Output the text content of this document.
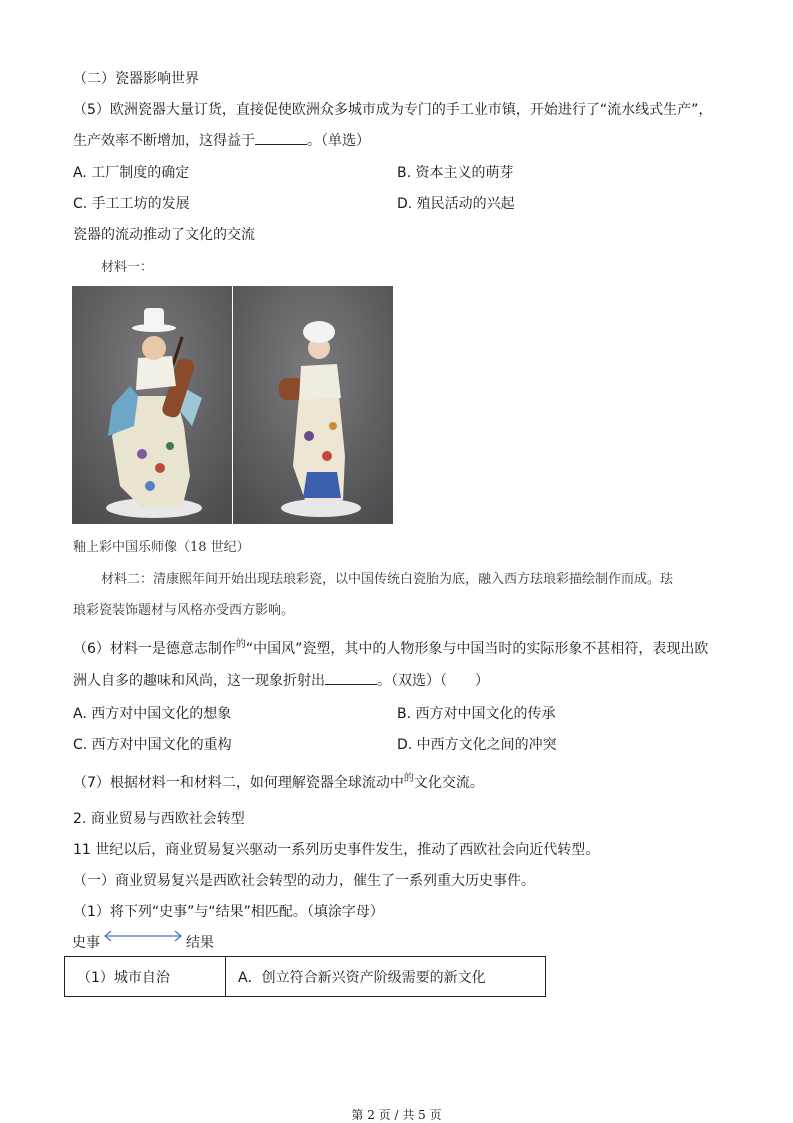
（二）瓷器影响世界
（5）欧洲瓷器大量订货，直接促使欧洲众多城市成为专门的手工业市镇，开始进行了“流水线式生产”，
生产效率不断增加，这得益于	。（单选）
A. 工厂制度的确定	B. 资本主义的萌芽
C. 手工工坊的发展	D. 殖民活动的兴起
瓷器的流动推动了文化的交流
材料一：
釉上彩中国乐师像（18 世纪）
材料二：清康熙年间开始出现珐琅彩瓷，以中国传统白瓷胎为底，融入西方珐琅彩描绘制作而成。珐
琅彩瓷装饰题材与风格亦受西方影响。
（6）材料一是德意志制作$^的$“中国风”瓷塑，其中的人物形象与中国当时的实际形象不甚相符，表现出欧
洲人自多的趣味和风尚，这一现象折射出	。（双选）（　　）
A. 西方对中国文化的想象	B. 西方对中国文化的传承
C. 西方对中国文化的重构	D. 中西方文化之间的冲突
（7）根据材料一和材料二，如何理解瓷器全球流动中$^的$文化交流。
2. 商业贸易与西欧社会转型
11 世纪以后，商业贸易复兴驱动一系列历史事件发生，推动了西欧社会向近代转型。
（一）商业贸易复兴是西欧社会转型的动力，催生了一系列重大历史事件。
（1）将下列“史事”与“结果”相匹配。（填涂字母）
史事	结果
（1）城市自治	A．创立符合新兴资产阶级需要的新文化
第 2 页 / 共 5 页
